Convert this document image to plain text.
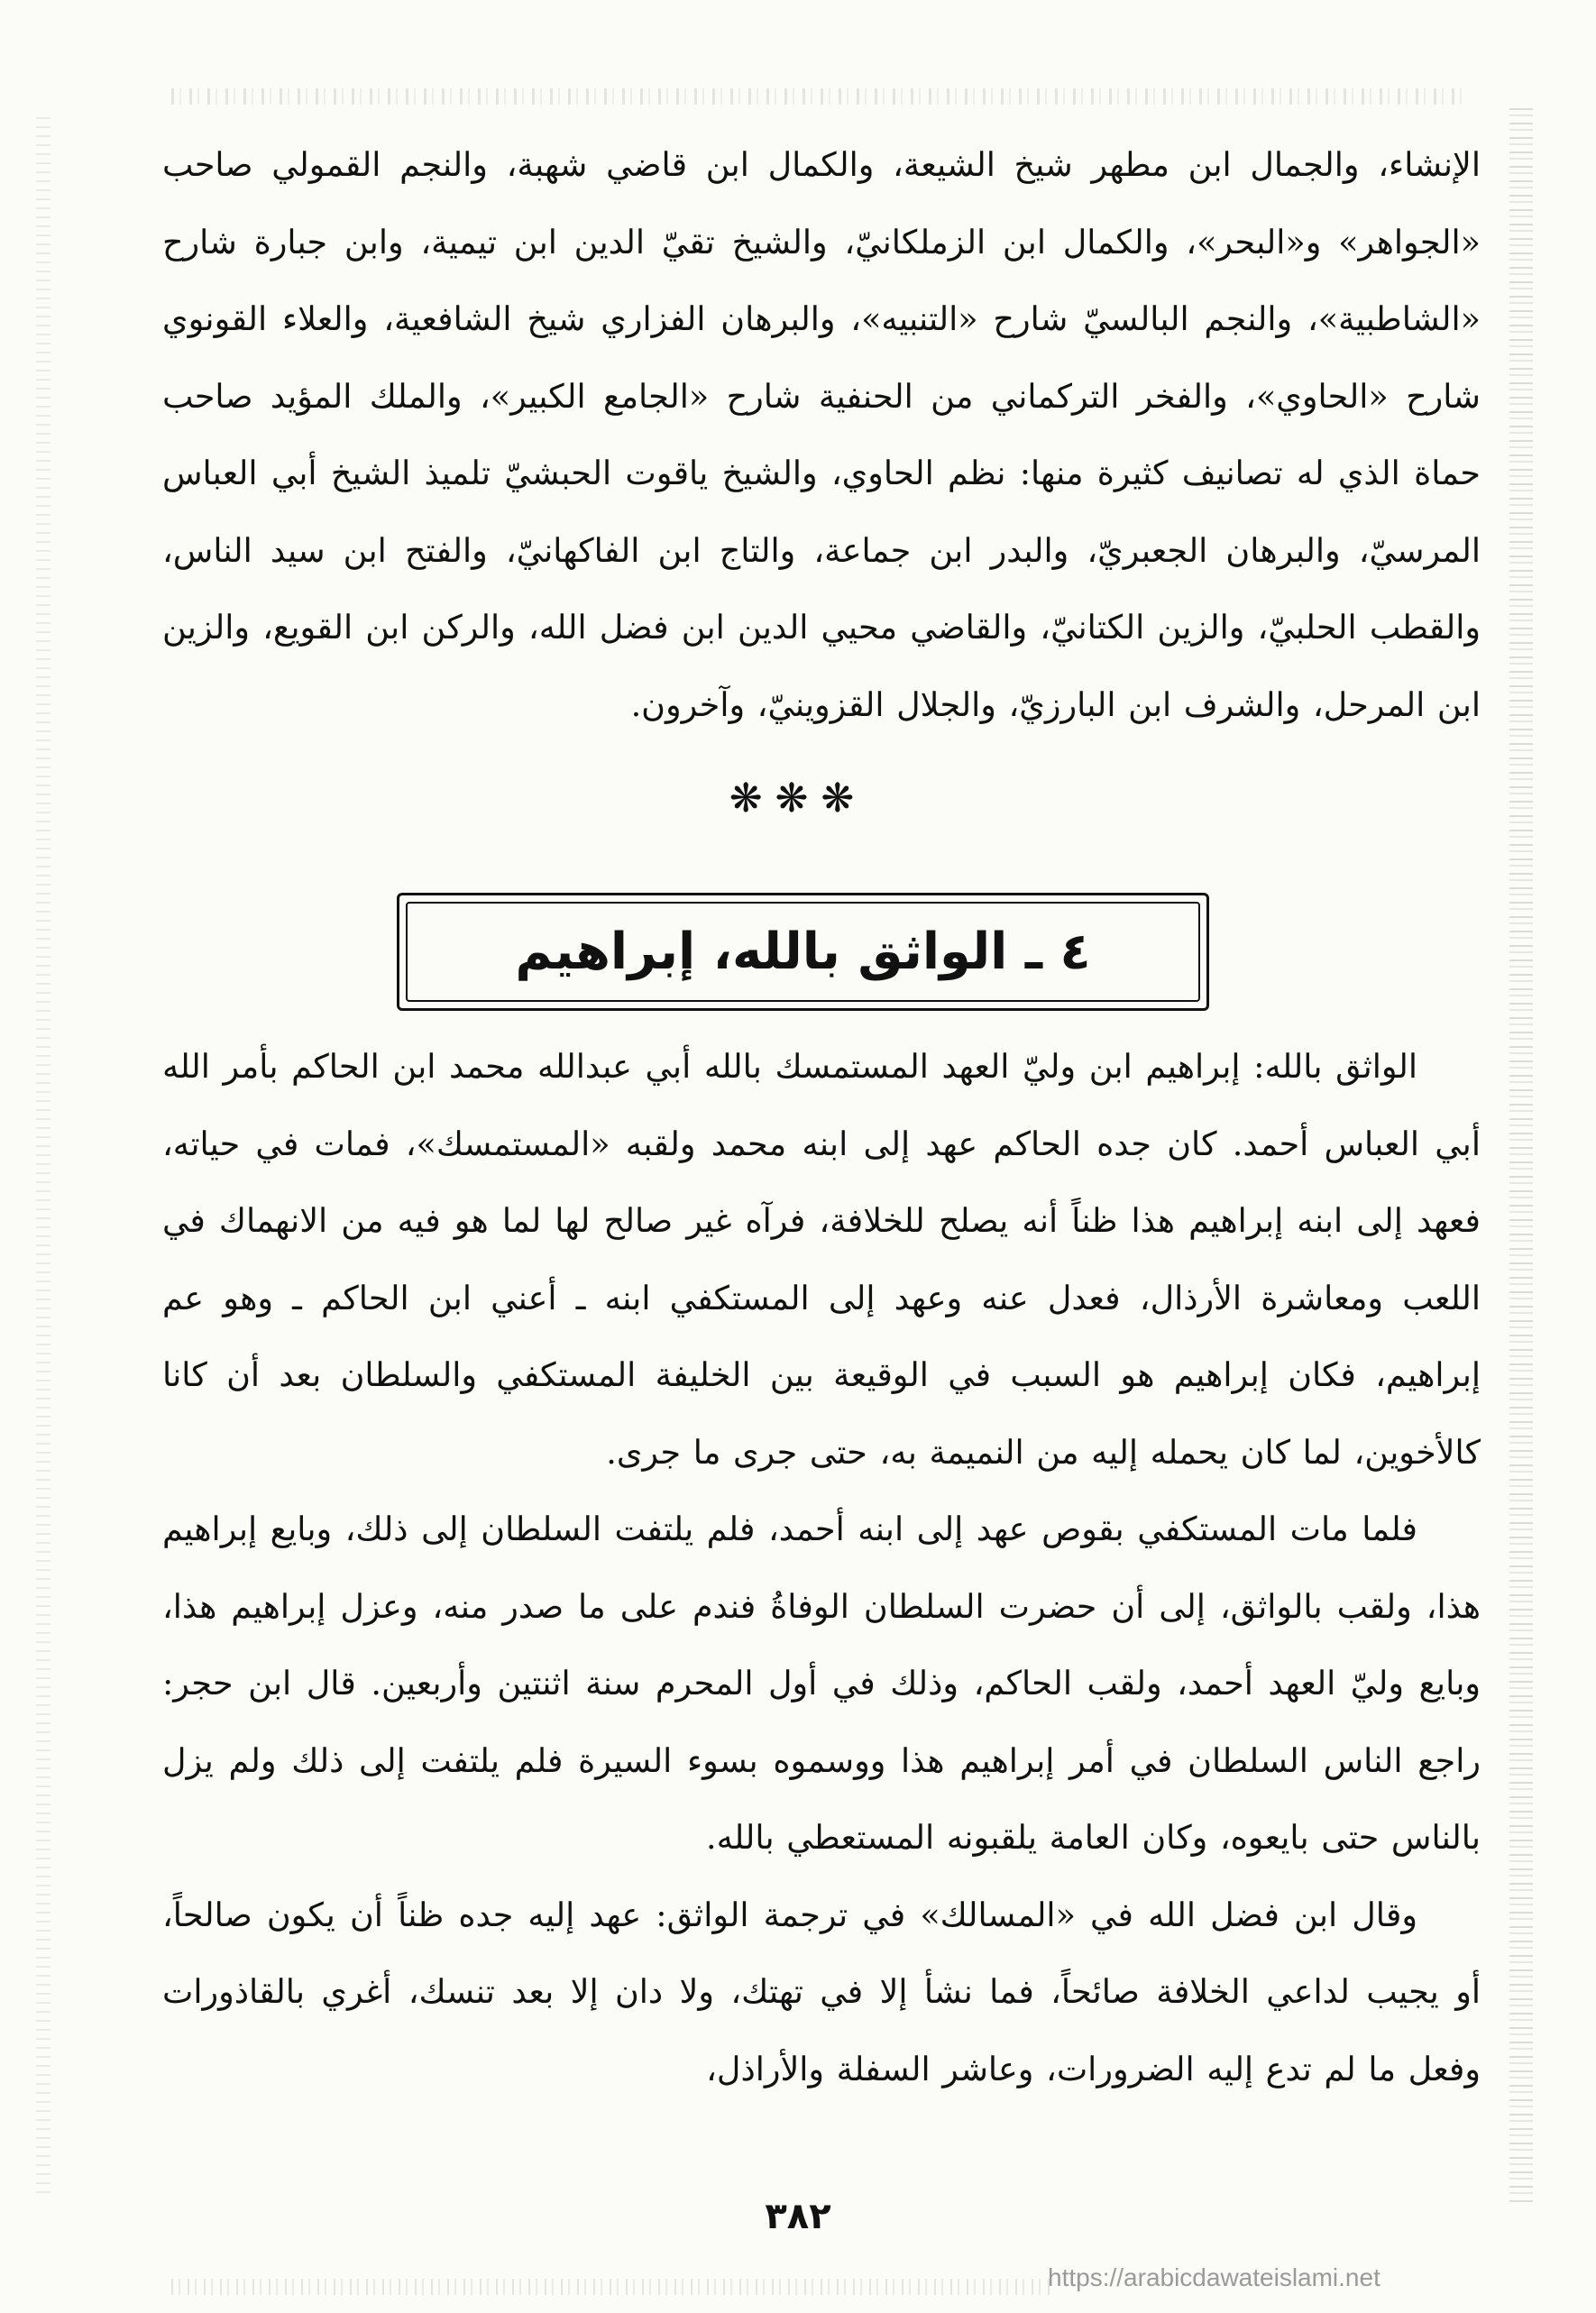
الإنشاء، والجمال ابن مطهر شيخ الشيعة، والكمال ابن قاضي شهبة، والنجم القمولي صاحب «الجواهر» و«البحر»، والكمال ابن الزملكانيّ، والشيخ تقيّ الدين ابن تيمية، وابن جبارة شارح «الشاطبية»، والنجم البالسيّ شارح «التنبيه»، والبرهان الفزاري شيخ الشافعية، والعلاء القونوي شارح «الحاوي»، والفخر التركماني من الحنفية شارح «الجامع الكبير»، والملك المؤيد صاحب حماة الذي له تصانيف كثيرة منها: نظم الحاوي، والشيخ ياقوت الحبشيّ تلميذ الشيخ أبي العباس المرسيّ، والبرهان الجعبريّ، والبدر ابن جماعة، والتاج ابن الفاكهانيّ، والفتح ابن سيد الناس، والقطب الحلبيّ، والزين الكتانيّ، والقاضي محيي الدين ابن فضل الله، والركن ابن القويع، والزين ابن المرحل، والشرف ابن البارزيّ، والجلال القزوينيّ، وآخرون.

❋❋❋
٤ ـ الواثق بالله، إبراهيم

الواثق بالله: إبراهيم ابن وليّ العهد المستمسك بالله أبي عبدالله محمد ابن الحاكم بأمر الله أبي العباس أحمد. كان جده الحاكم عهد إلى ابنه محمد ولقبه «المستمسك»، فمات في حياته، فعهد إلى ابنه إبراهيم هذا ظناً أنه يصلح للخلافة، فرآه غير صالح لها لما هو فيه من الانهماك في اللعب ومعاشرة الأرذال، فعدل عنه وعهد إلى المستكفي ابنه ـ أعني ابن الحاكم ـ وهو عم إبراهيم، فكان إبراهيم هو السبب في الوقيعة بين الخليفة المستكفي والسلطان بعد أن كانا كالأخوين، لما كان يحمله إليه من النميمة به، حتى جرى ما جرى.

فلما مات المستكفي بقوص عهد إلى ابنه أحمد، فلم يلتفت السلطان إلى ذلك، وبايع إبراهيم هذا، ولقب بالواثق، إلى أن حضرت السلطان الوفاةُ فندم على ما صدر منه، وعزل إبراهيم هذا، وبايع وليّ العهد أحمد، ولقب الحاكم، وذلك في أول المحرم سنة اثنتين وأربعين. قال ابن حجر: راجع الناس السلطان في أمر إبراهيم هذا ووسموه بسوء السيرة فلم يلتفت إلى ذلك ولم يزل بالناس حتى بايعوه، وكان العامة يلقبونه المستعطي بالله.

وقال ابن فضل الله في «المسالك» في ترجمة الواثق: عهد إليه جده ظناً أن يكون صالحاً، أو يجيب لداعي الخلافة صائحاً، فما نشأ إلا في تهتك، ولا دان إلا بعد تنسك، أغري بالقاذورات وفعل ما لم تدع إليه الضرورات، وعاشر السفلة والأراذل،

٣٨٢
https://arabicdawateislami.net
